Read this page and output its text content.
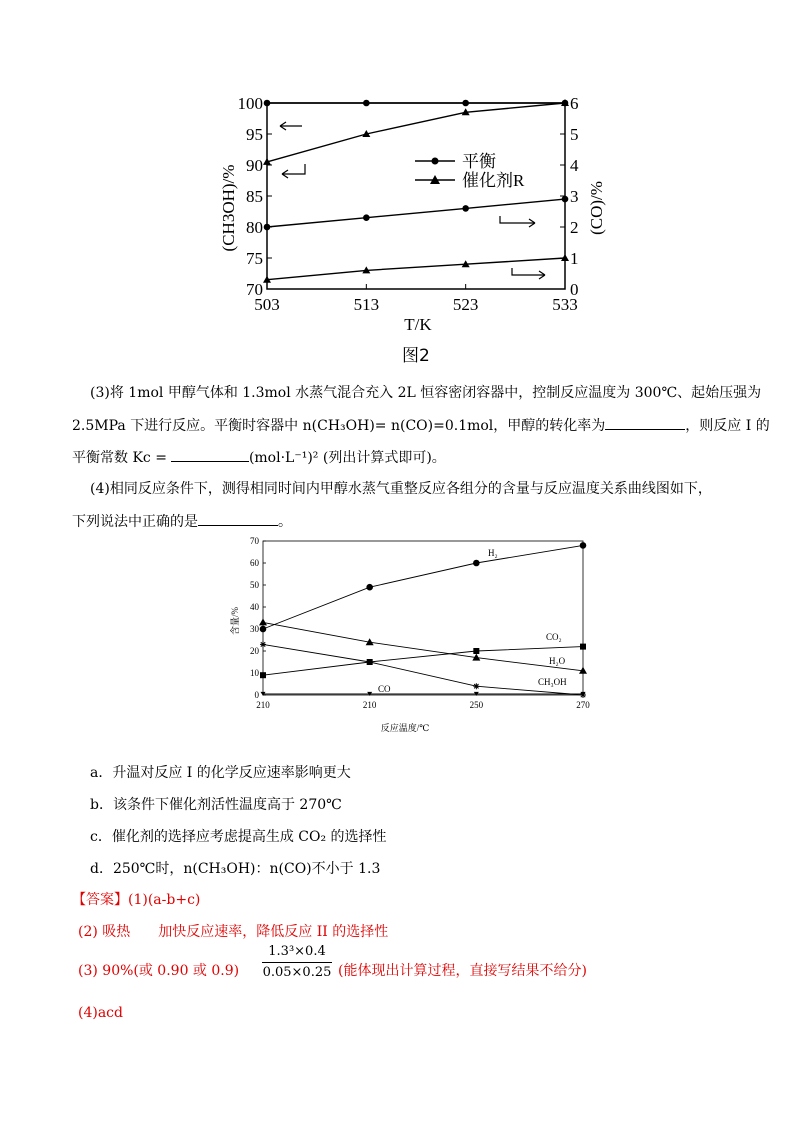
503	513	523	533
70
75
80
85
90
95
100
0
1
2
3
4
5
6
平衡
催化剂R
T/K
(CH3OH)/%	(CO)/%
图2
(3)将 1mol 甲醇气体和 1.3mol 水蒸气混合充入 2L 恒容密闭容器中，控制反应温度为 300℃、起始压强为
2.5MPa 下进行反应。平衡时容器中 n(CH₃OH)= n(CO)=0.1mol，甲醇的转化率为	，则反应 I 的
平衡常数 Kc =	(mol·L⁻¹)² (列出计算式即可)。
(4)相同反应条件下，测得相同时间内甲醇水蒸气重整反应各组分的含量与反应温度关系曲线图如下，
下列说法中正确的是	。
0
10
20
30
40
50
60
70
210	210	250	270
H₂
CO₂
H₂O
CH₃OH
CO
反应温度/℃
含量/%
a．升温对反应 I 的化学反应速率影响更大
b．该条件下催化剂活性温度高于 270℃
c．催化剂的选择应考虑提高生成 CO₂ 的选择性
d．250℃时，n(CH₃OH)：n(CO)不小于 1.3
【答案】(1)(a-b+c)
(2) 吸热 加快反应速率，降低反应 II 的选择性
(3) 90%(或 0.90 或 0.9)
1.3³×0.4
0.05×0.25 (能体现出计算过程，直接写结果不给分)
(4)acd
